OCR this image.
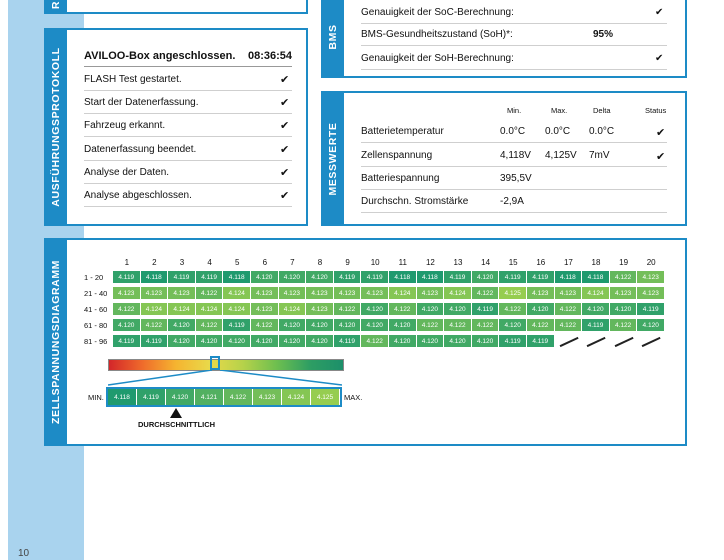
10
R
BMS
Genauigkeit der SoC-Berechnung:	✔
BMS-Gesundheitszustand (SoH)*:	95%
Genauigkeit der SoH-Berechnung:	✔
AUSFÜHRUNGSPROTOKOLL AVILOO-Box angeschlossen. 08:36:54
FLASH Test gestartet.	✔
Start der Datenerfassung.	✔
Fahrzeug erkannt.	✔
Datenerfassung beendet.	✔
Analyse der Daten.	✔
Analyse abgeschlossen.	✔
MESSWERTE
Min.	Max.	Delta	Status
Batterietemperatur	0.0°C 0.0°C 0.0°C	✔
Zellenspannung	4,118V 4,125V 7mV	✔
Batteriespannung	395,5V
Durchschn. Stromstärke	-2,9A
ZELLSPANNUNGSDIAGRAMM	1	2	3	4	5	6	7	8	9	10	11	12	13	14	15	16	17	18	19	20
1 - 20	4.119	4.118	4.119	4.119	4.118	4.120	4.120	4.120	4.119	4.119	4.118	4.118	4.119	4.120	4.119	4.119	4.118	4.118	4.122	4.123
21 - 40	4.123	4.123	4.123	4.122	4.124	4.123	4.123	4.123	4.123	4.123	4.124	4.123	4.124	4.122	4.125	4.123	4.123	4.124	4.123	4.123
41 - 60	4.122	4.124	4.124	4.124	4.124	4.123	4.124	4.123	4.122	4.120	4.122	4.120	4.120	4.119	4.122	4.120	4.122	4.120	4.120	4.119
61 - 80	4.120	4.122	4.120	4.122	4.119	4.122	4.120	4.120	4.120	4.120	4.120	4.122	4.122	4.122	4.120	4.122	4.122	4.119	4.122	4.120
81 - 96	4.119	4.119	4.120	4.120	4.120	4.120	4.120	4.120	4.119	4.122	4.120	4.120	4.120	4.120	4.119	4.119
MIN.	4.118	4.119	4.120	4.121	4.122	4.123	4.124	4.125	MAX.
DURCHSCHNITTLICH
